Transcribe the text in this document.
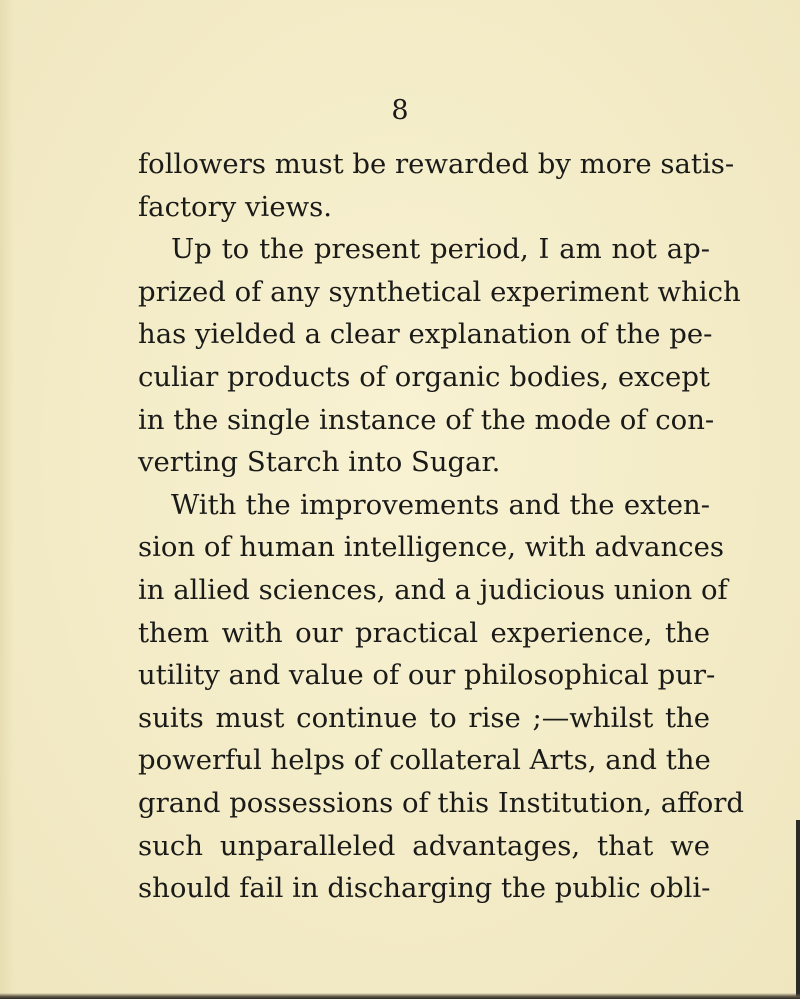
8
followers must be rewarded by more satis-
factory views.
Up to the present period, I am not ap-
prized of any synthetical experiment which
has yielded a clear explanation of the pe-
culiar products of organic bodies, except
in the single instance of the mode of con-
verting Starch into Sugar.
With the improvements and the exten-
sion of human intelligence, with advances
in allied sciences, and a judicious union of
them with our practical experience, the
utility and value of our philosophical pur-
suits must continue to rise ;—whilst the
powerful helps of collateral Arts, and the
grand possessions of this Institution, afford
such unparalleled advantages, that we
should fail in discharging the public obli-
